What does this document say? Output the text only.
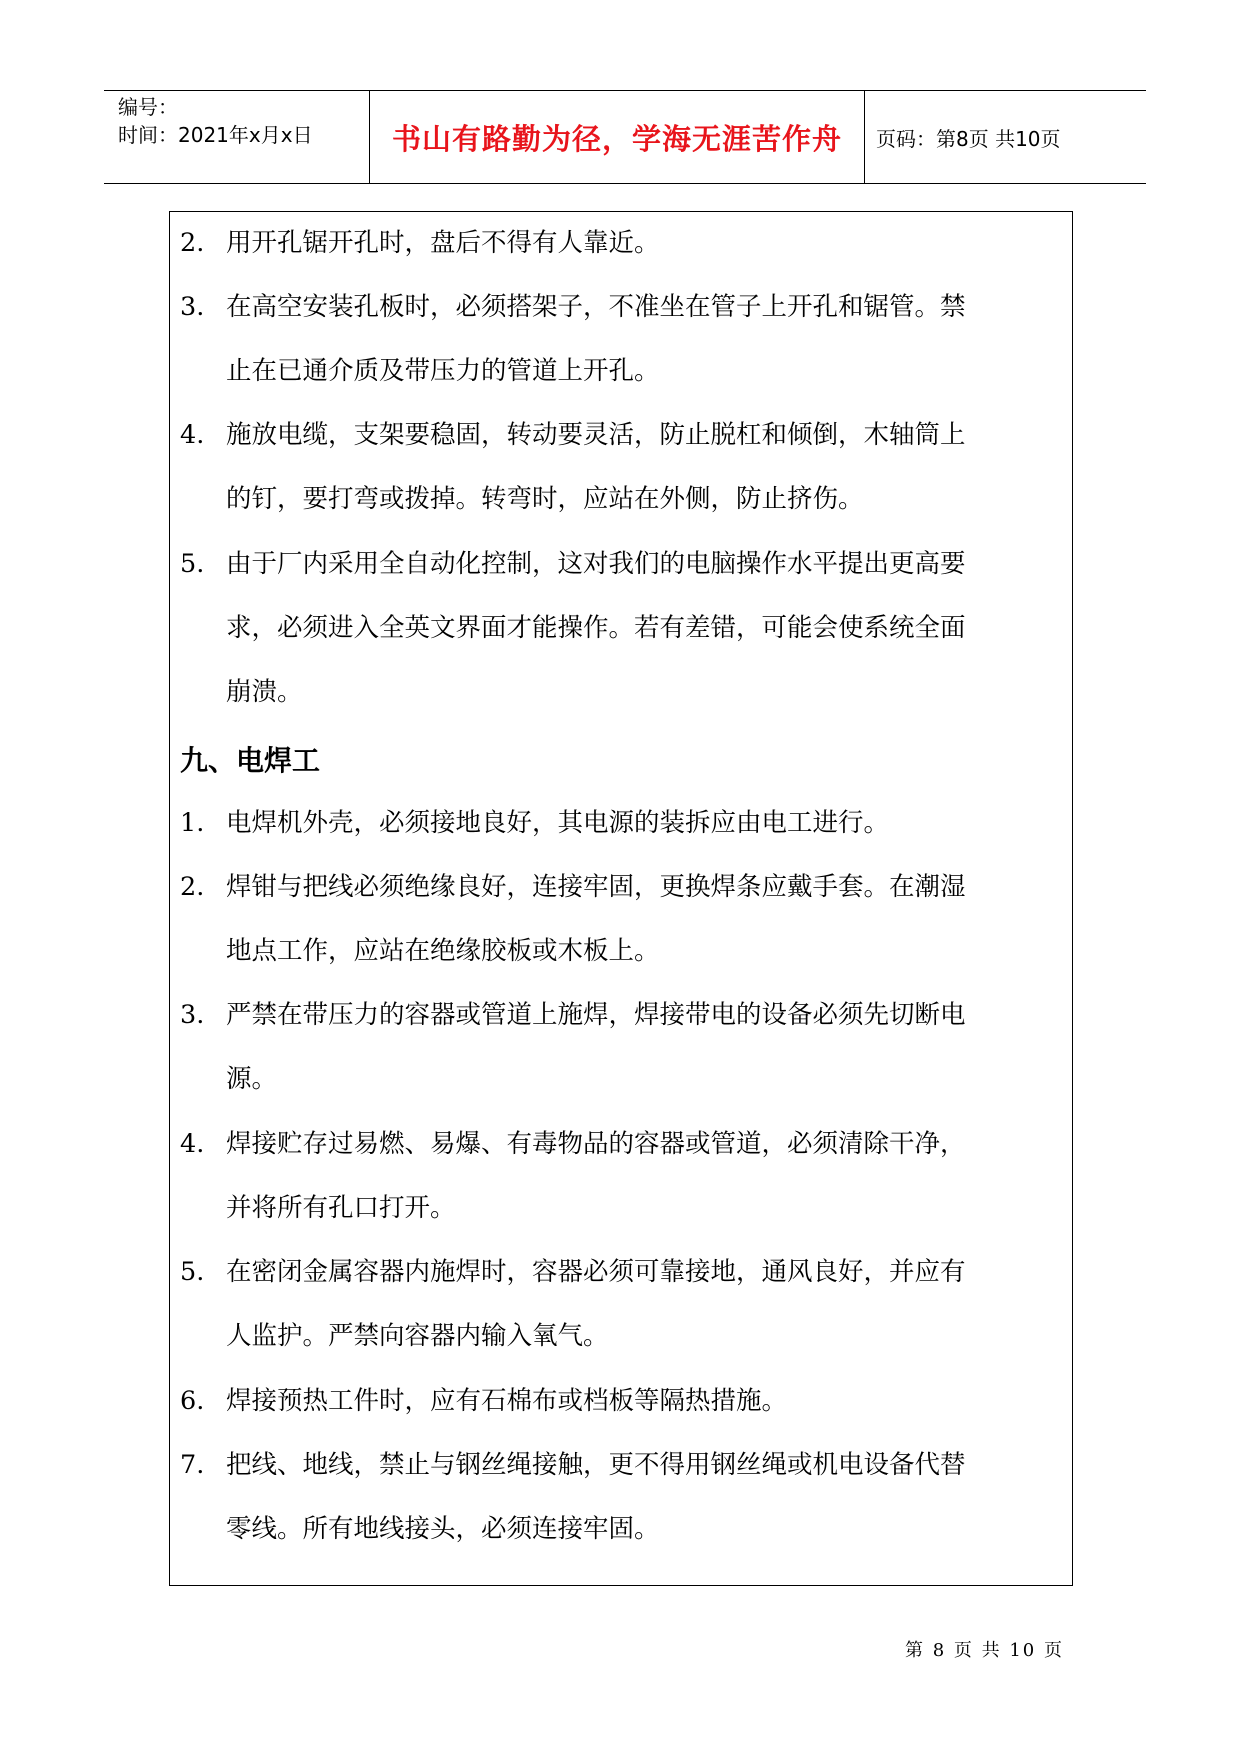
编号：
时间：2021年x月x日	书山有路勤为径，学海无涯苦作舟	页码：第8页 共10页
2. 用开孔锯开孔时，盘后不得有人靠近。
3. 在高空安装孔板时，必须搭架子，不准坐在管子上开孔和锯管。禁
止在已通介质及带压力的管道上开孔。
4. 施放电缆，支架要稳固，转动要灵活，防止脱杠和倾倒，木轴筒上
的钉，要打弯或拨掉。转弯时，应站在外侧，防止挤伤。
5. 由于厂内采用全自动化控制，这对我们的电脑操作水平提出更高要
求，必须进入全英文界面才能操作。若有差错，可能会使系统全面
崩溃。
九、电焊工
1. 电焊机外壳，必须接地良好，其电源的装拆应由电工进行。
2. 焊钳与把线必须绝缘良好，连接牢固，更换焊条应戴手套。在潮湿
地点工作，应站在绝缘胶板或木板上。
3. 严禁在带压力的容器或管道上施焊，焊接带电的设备必须先切断电
源。
4. 焊接贮存过易燃、易爆、有毒物品的容器或管道，必须清除干净，
并将所有孔口打开。
5. 在密闭金属容器内施焊时，容器必须可靠接地，通风良好，并应有
人监护。严禁向容器内输入氧气。
6. 焊接预热工件时，应有石棉布或档板等隔热措施。
7. 把线、地线，禁止与钢丝绳接触，更不得用钢丝绳或机电设备代替
零线。所有地线接头，必须连接牢固。
第 8 页 共 10 页
